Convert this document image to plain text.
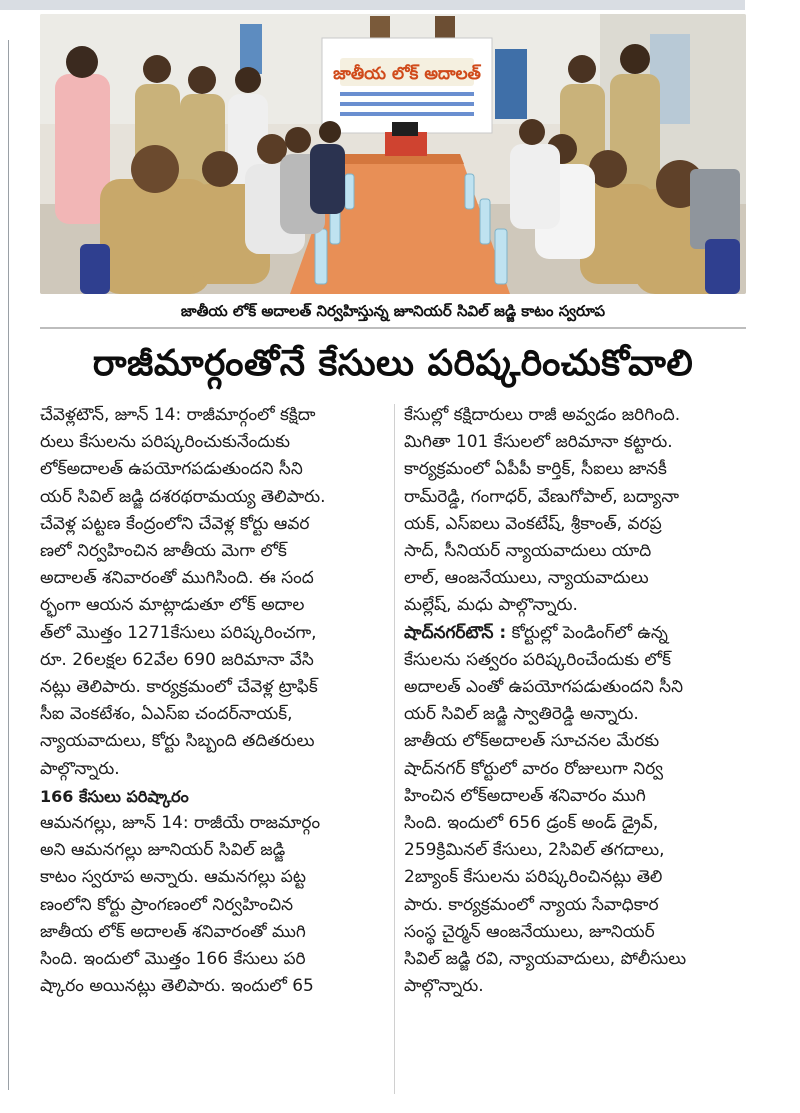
జాతీయ లోక్ అదాలత్
జాతీయ లోక్ అదాలత్ నిర్వహిస్తున్న జూనియర్ సివిల్ జడ్జి కాటం స్వరూప
రాజీమార్గంతోనే కేసులు పరిష్కరించుకోవాలి

చేవెళ్లటౌన్, జూన్ 14: రాజీమార్గంలో కక్షిదా

రులు కేసులను పరిష్కరించుకునేందుకు

లోక్అదాలత్ ఉపయోగపడుతుందని సీని

యర్ సివిల్ జడ్జి దశరథరామయ్య తెలిపారు.

చేవెళ్ల పట్టణ కేంద్రంలోని చేవెళ్ల కోర్టు ఆవర

ణలో నిర్వహించిన జాతీయ మెగా లోక్

అదాలత్ శనివారంతో ముగిసింది. ఈ సంద

ర్భంగా ఆయన మాట్లాడుతూ లోక్ అదాల

త్‌లో మొత్తం 1271కేసులు పరిష్కరించగా,

రూ. 26లక్షల 62వేల 690 జరిమానా వేసి

నట్లు తెలిపారు. కార్యక్రమంలో చేవెళ్ల ట్రాఫిక్

సీఐ వెంకటేశం, ఏఎస్ఐ చందర్‌నాయక్,

న్యాయవాదులు, కోర్టు సిబ్బంది తదితరులు

పాల్గొన్నారు.

166 కేసులు పరిష్కారం

ఆమనగల్లు, జూన్ 14: రాజీయే రాజమార్గం

అని ఆమనగల్లు జూనియర్ సివిల్ జడ్జి

కాటం స్వరూప అన్నారు. ఆమనగల్లు పట్ట

ణంలోని కోర్టు ప్రాంగణంలో నిర్వహించిన

జాతీయ లోక్ అదాలత్ శనివారంతో ముగి

సింది. ఇందులో మొత్తం 166 కేసులు పరి

ష్కారం అయినట్లు తెలిపారు. ఇందులో 65

కేసుల్లో కక్షిదారులు రాజీ అవ్వడం జరిగింది.

మిగితా 101 కేసులలో జరిమానా కట్టారు.

కార్యక్రమంలో ఏపీపీ కార్తిక్, సీఐలు జానకీ

రామ్‌రెడ్డి, గంగాధర్, వేణుగోపాల్, బద్యానా

యక్, ఎస్ఐలు వెంకటేష్, శ్రీకాంత్, వరప్ర

సాద్, సీనియర్ న్యాయవాదులు యాది

లాల్, ఆంజనేయులు, న్యాయవాదులు

మల్లేష్, మధు పాల్గొన్నారు.

షాద్‌నగర్‌టౌన్ : కోర్టుల్లో పెండింగ్‌లో ఉన్న

కేసులను సత్వరం పరిష్కరించేందుకు లోక్

అదాలత్ ఎంతో ఉపయోగపడుతుందని సీని

యర్ సివిల్ జడ్జి స్వాతిరెడ్డి అన్నారు.

జాతీయ లోక్అదాలత్ సూచనల మేరకు

షాద్‌నగర్ కోర్టులో వారం రోజులుగా నిర్వ

హించిన లోక్అదాలత్ శనివారం ముగి

సింది. ఇందులో 656 డ్రంక్ అండ్ డ్రైవ్,

259క్రిమినల్ కేసులు, 2సివిల్ తగదాలు,

2బ్యాంక్ కేసులను పరిష్కరించినట్లు తెలి

పారు. కార్యక్రమంలో న్యాయ సేవాధికార

సంస్థ చైర్మన్ ఆంజనేయులు, జూనియర్

సివిల్ జడ్జి రవి, న్యాయవాదులు, పోలీసులు

పాల్గొన్నారు.
